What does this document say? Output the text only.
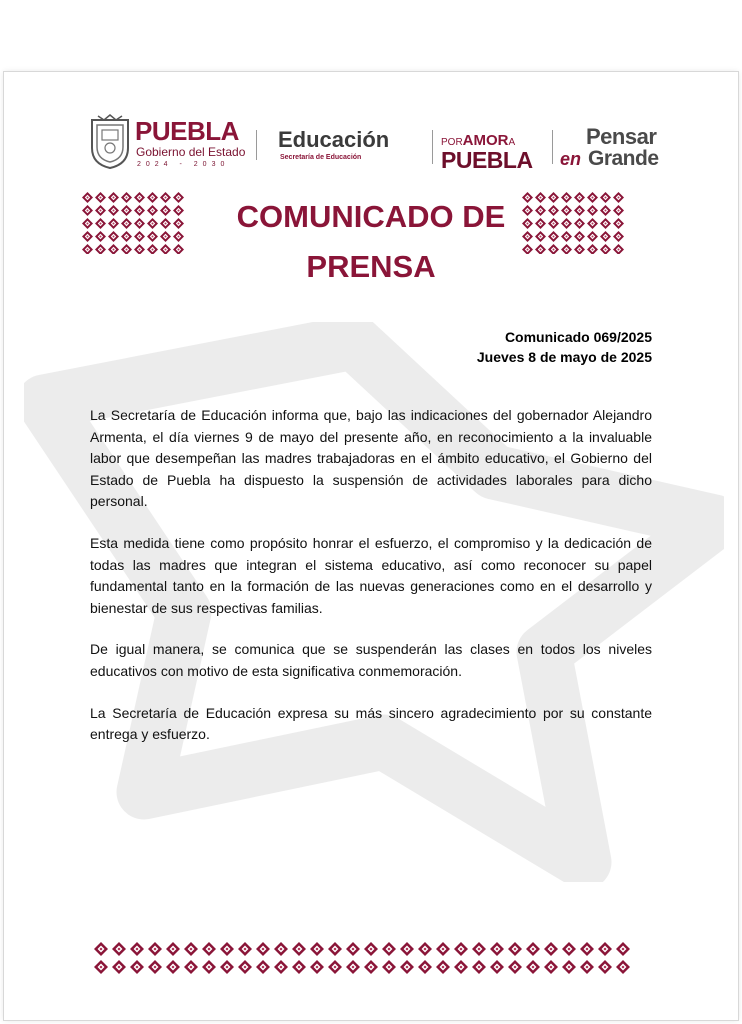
PUEBLA
Gobierno del Estado
2024 - 2030
Educación
Secretaría de Educación
PORAMORA
PUEBLA
Pensar
en Grande
COMUNICADO DE
PRENSA
Comunicado 069/2025
Jueves 8 de mayo de 2025

La Secretaría de Educación informa que, bajo las indicaciones del gobernador Alejandro Armenta, el día viernes 9 de mayo del presente año, en reconocimiento a la invaluable labor que desempeñan las madres trabajadoras en el ámbito educativo, el Gobierno del Estado de Puebla ha dispuesto la suspensión de actividades laborales para dicho personal.

Esta medida tiene como propósito honrar el esfuerzo, el compromiso y la dedicación de todas las madres que integran el sistema educativo, así como reconocer su papel fundamental tanto en la formación de las nuevas generaciones como en el desarrollo y bienestar de sus respectivas familias.

De igual manera, se comunica que se suspenderán las clases en todos los niveles educativos con motivo de esta significativa conmemoración.

La Secretaría de Educación expresa su más sincero agradecimiento por su constante entrega y esfuerzo.
